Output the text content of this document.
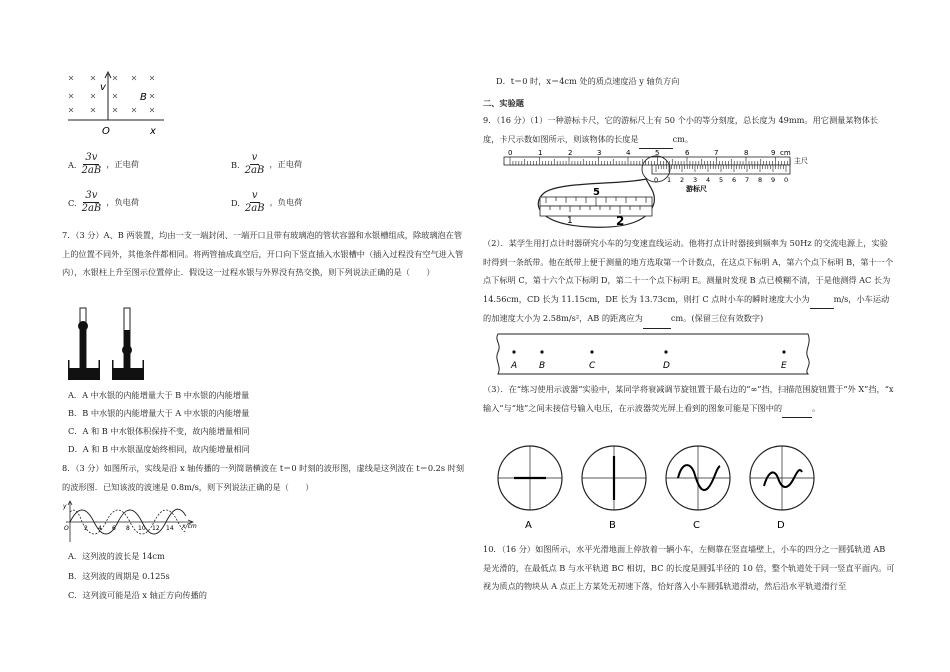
v
B
O	x
A. $\frac{3v}{2aB}$ ，正电荷	B. $\frac{v}{2aB}$ ，正电荷
C. $\frac{3v}{2aB}$ ，负电荷	D. $\frac{v}{2aB}$ ，负电荷
7．（3 分）A、B 两装置，均由一支一端封闭、一端开口且带有玻璃泡的管状容器和水银槽组成，除玻璃泡在管上的位置不同外，其他条件都相同。将两管抽成真空后，开口向下竖直插入水银槽中（插入过程没有空气进入管内），水银柱上升至图示位置停止．假设这一过程水银与外界没有热交换，则下列说法正确的是（　　）
A．A 中水银的内能增量大于 B 中水银的内能增量
B．B 中水银的内能增量大于 A 中水银的内能增量
C．A 和 B 中水银体积保持不变，故内能增量相同
D．A 和 B 中水银温度始终相同，故内能增量相同
8．（3 分）如图所示，实线是沿 x 轴传播的一列简谐横波在 t＝0 时刻的波形图，虚线是这列波在 t＝0.2s 时刻的波形图．已知该波的波速是 0.8m/s，则下列说法正确的是（　　）
y
x/cm
O	2 4 6 8 10 12 14
A．这列波的波长是 14cm
B．这列波的周期是 0.125s
C．这列波可能是沿 x 轴正方向传播的
D．t＝0 时，x＝4cm 处的质点速度沿 y 轴负方向
二、实验题
9．（16 分）（1）一种游标卡尺，它的游标尺上有 50 个小的等分刻度，总长度为 49mm。用它测量某物体长度，卡尺示数如图所示，则该物体的长度是	cm。
0	1	2	3	4	5	6	7	8	9 cm
主尺
0 1 2 3 4 5 6 7 8 9 0
游标尺
5
1	2
（2）．某学生用打点计时器研究小车的匀变速直线运动。他将打点计时器接到频率为 50Hz 的交流电源上，实验时得到一条纸带。他在纸带上便于测量的地方选取第一个计数点，在这点下标明 A，第六个点下标明 B，第十一个点下标明 C，第十六个点下标明 D，第二十一个点下标明 E。测量时发现 B 点已模糊不清，于是他测得 AC 长为 14.56cm，CD 长为 11.15cm，DE 长为 13.73cm，则打 C 点时小车的瞬时速度大小为	m/s，小车运动的加速度大小为 2.58m/s²，AB 的距离应为	cm。(保留三位有效数字)
A B	C	D	E
（3）．在“练习使用示波器”实验中，某同学将衰减调节旋钮置于最右边的“∞”挡，扫描范围旋钮置于“外 X”挡，“x 输入”与“地”之间未接信号输入电压，在示波器荧光屏上看到的图象可能是下图中的	。
A	B	C	D
10．（16 分）如图所示，水平光滑地面上停放着一辆小车，左侧靠在竖直墙壁上，小车的四分之一圆弧轨道 AB 是光滑的，在最低点 B 与水平轨道 BC 相切，BC 的长度是圆弧半径的 10 倍，整个轨道处于同一竖直平面内。可视为质点的物块从 A 点正上方某处无初速下落，恰好落入小车圆弧轨道滑动，然后沿水平轨道滑行至
